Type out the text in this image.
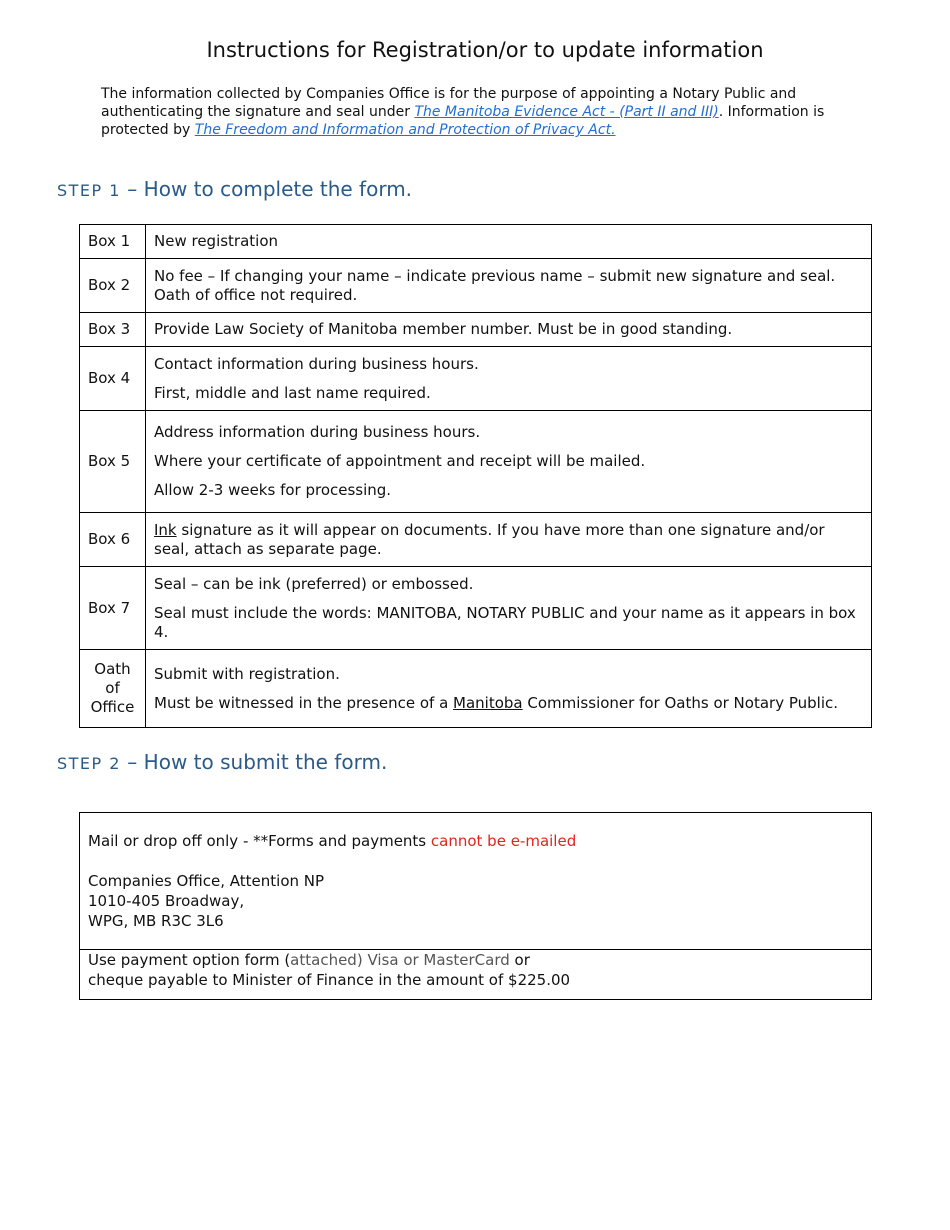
Instructions for Registration/or to update information
The information collected by Companies Office is for the purpose of appointing a Notary Public and authenticating the signature and seal under The Manitoba Evidence Act - (Part II and III). Information is protected by The Freedom and Information and Protection of Privacy Act.
STEP 1 – How to complete the form.
Box 1	New registration

Box 2	No fee – If changing your name – indicate previous name – submit new signature and seal. Oath of office not required.

Box 3	Provide Law Society of Manitoba member number. Must be in good standing.

Box 4	Contact information during business hours.

First, middle and last name required.

Box 5	Address information during business hours.

Where your certificate of appointment and receipt will be mailed.

Allow 2-3 weeks for processing.

Box 6	Ink signature as it will appear on documents. If you have more than one signature and/or seal, attach as separate page.

Box 7	Seal – can be ink (preferred) or embossed.

Seal must include the words: MANITOBA, NOTARY PUBLIC and your name as it appears in box 4.

Oath of Office	Submit with registration.

Must be witnessed in the presence of a Manitoba Commissioner for Oaths or Notary Public.

STEP 2 – How to submit the form.
Mail or drop off only - **Forms and payments cannot be e-mailed
Companies Office, Attention NP
1010-405 Broadway,
WPG, MB R3C 3L6
Use payment option form (attached) Visa or MasterCard or
cheque payable to Minister of Finance in the amount of $225.00
